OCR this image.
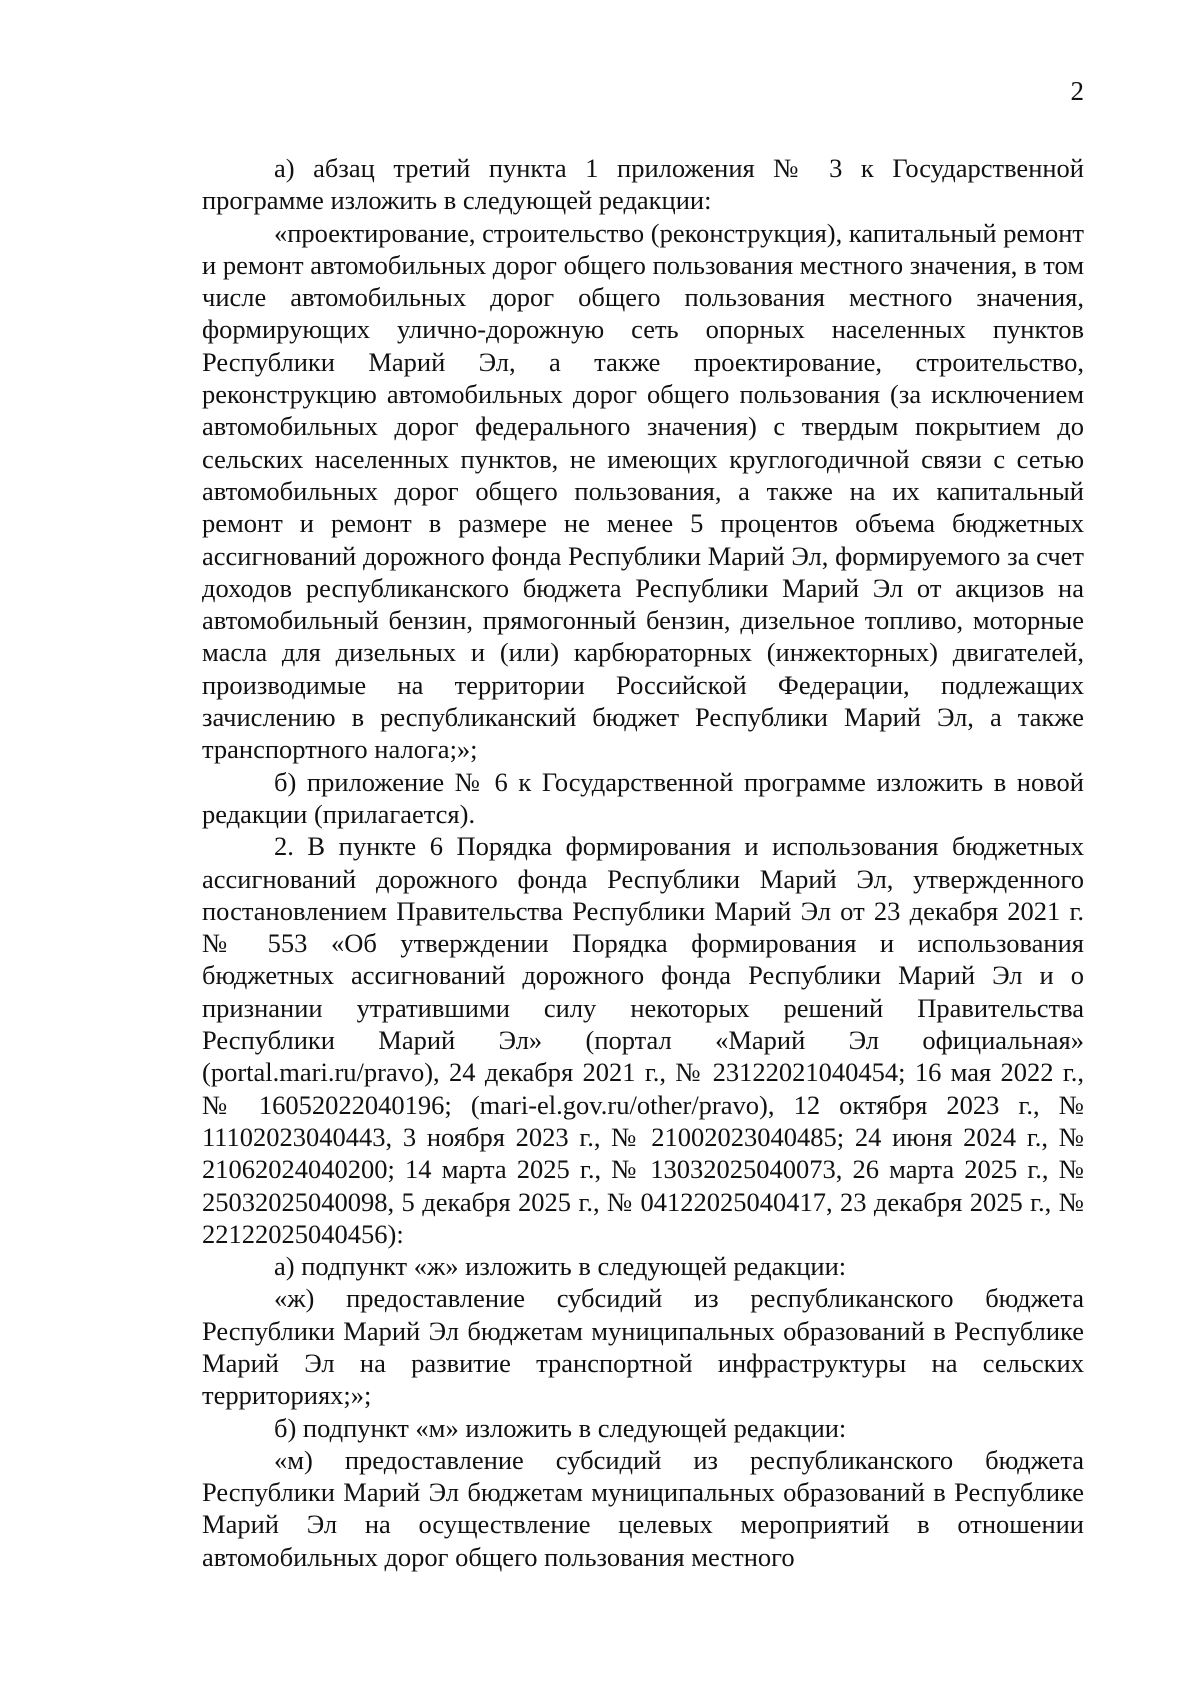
2

а) абзац третий пункта 1 приложения № 3 к Государственной программе изложить в следующей редакции:

«проектирование, строительство (реконструкция), капитальный ремонт и ремонт автомобильных дорог общего пользования местного значения, в том числе автомобильных дорог общего пользования местного значения, формирующих улично-дорожную сеть опорных населенных пунктов Республики Марий Эл, а также проектирование, строительство, реконструкцию автомобильных дорог общего пользования (за исключением автомобильных дорог федерального значения) с твердым покрытием до сельских населенных пунктов, не имеющих круглогодичной связи с сетью автомобильных дорог общего пользования, а также на их капитальный ремонт и ремонт в размере не менее 5 процентов объема бюджетных ассигнований дорожного фонда Республики Марий Эл, формируемого за счет доходов республиканского бюджета Республики Марий Эл от акцизов на автомобильный бензин, прямогонный бензин, дизельное топливо, моторные масла для дизельных и (или) карбюраторных (инжекторных) двигателей, производимые на территории Российской Федерации, подлежащих зачислению в республиканский бюджет Республики Марий Эл, а также транспортного налога;»;

б) приложение № 6 к Государственной программе изложить в новой редакции (прилагается).

2. В пункте 6 Порядка формирования и использования бюджетных ассигнований дорожного фонда Республики Марий Эл, утвержденного постановлением Правительства Республики Марий Эл от 23 декабря 2021 г. № 553 «Об утверждении Порядка формирования и использования бюджетных ассигнований дорожного фонда Республики Марий Эл и о признании утратившими силу некоторых решений Правительства Республики Марий Эл» (портал «Марий Эл официальная» (portal.mari.ru/pravo), 24 декабря 2021 г., № 23122021040454; 16 мая 2022 г., № 16052022040196; (mari-el.gov.ru/other/pravo), 12 октября 2023 г., № 11102023040443, 3 ноября 2023 г., № 21002023040485; 24 июня 2024 г., № 21062024040200; 14 марта 2025 г., № 13032025040073, 26 марта 2025 г., № 25032025040098, 5 декабря 2025 г., № 04122025040417, 23 декабря 2025 г., № 22122025040456):

а) подпункт «ж» изложить в следующей редакции:

«ж) предоставление субсидий из республиканского бюджета Республики Марий Эл бюджетам муниципальных образований в Республике Марий Эл на развитие транспортной инфраструктуры на сельских территориях;»;

б) подпункт «м» изложить в следующей редакции:

«м) предоставление субсидий из республиканского бюджета Республики Марий Эл бюджетам муниципальных образований в Республике Марий Эл на осуществление целевых мероприятий в отношении автомобильных дорог общего пользования местного
